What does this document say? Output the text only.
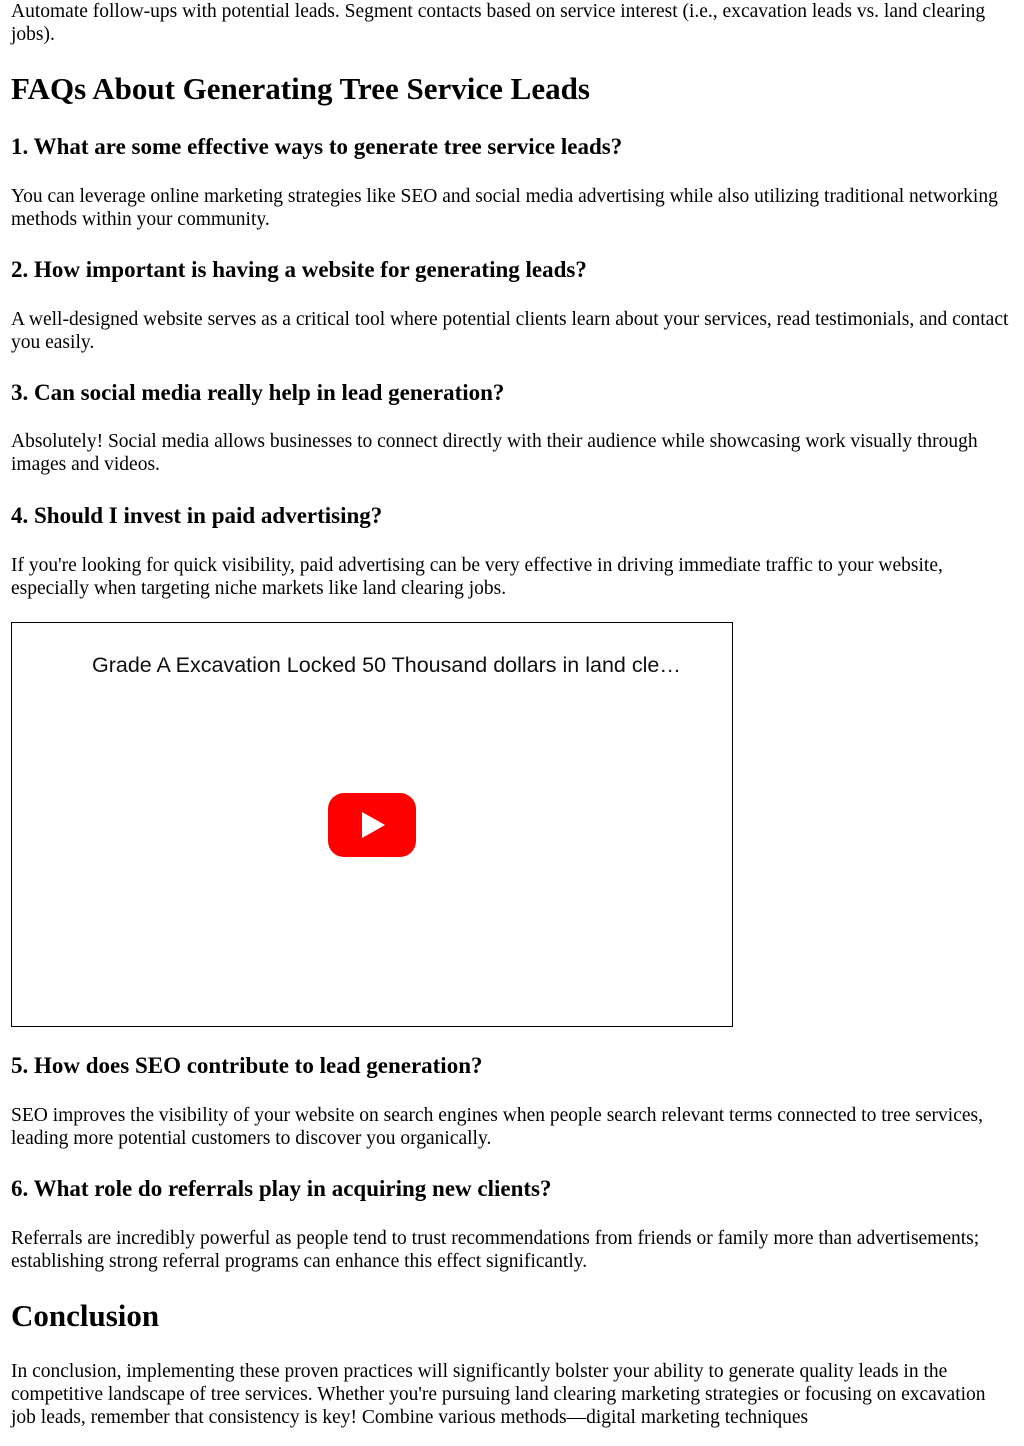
Automate follow-ups with potential leads. Segment contacts based on service interest (i.e., excavation leads vs. land clearing jobs).

FAQs About Generating Tree Service Leads
1. What are some effective ways to generate tree service leads?

You can leverage online marketing strategies like SEO and social media advertising while also utilizing traditional networking methods within your community.

2. How important is having a website for generating leads?

A well-designed website serves as a critical tool where potential clients learn about your services, read testimonials, and contact you easily.

3. Can social media really help in lead generation?

Absolutely! Social media allows businesses to connect directly with their audience while showcasing work visually through images and videos.

4. Should I invest in paid advertising?

If you're looking for quick visibility, paid advertising can be very effective in driving immediate traffic to your website, especially when targeting niche markets like land clearing jobs.

Grade A Excavation Locked 50 Thousand dollars in land cle…
5. How does SEO contribute to lead generation?

SEO improves the visibility of your website on search engines when people search relevant terms connected to tree services, leading more potential customers to discover you organically.

6. What role do referrals play in acquiring new clients?

Referrals are incredibly powerful as people tend to trust recommendations from friends or family more than advertisements; establishing strong referral programs can enhance this effect significantly.

Conclusion

In conclusion, implementing these proven practices will significantly bolster your ability to generate quality leads in the competitive landscape of tree services. Whether you're pursuing land clearing marketing strategies or focusing on excavation job leads, remember that consistency is key! Combine various methods—digital marketing techniques
